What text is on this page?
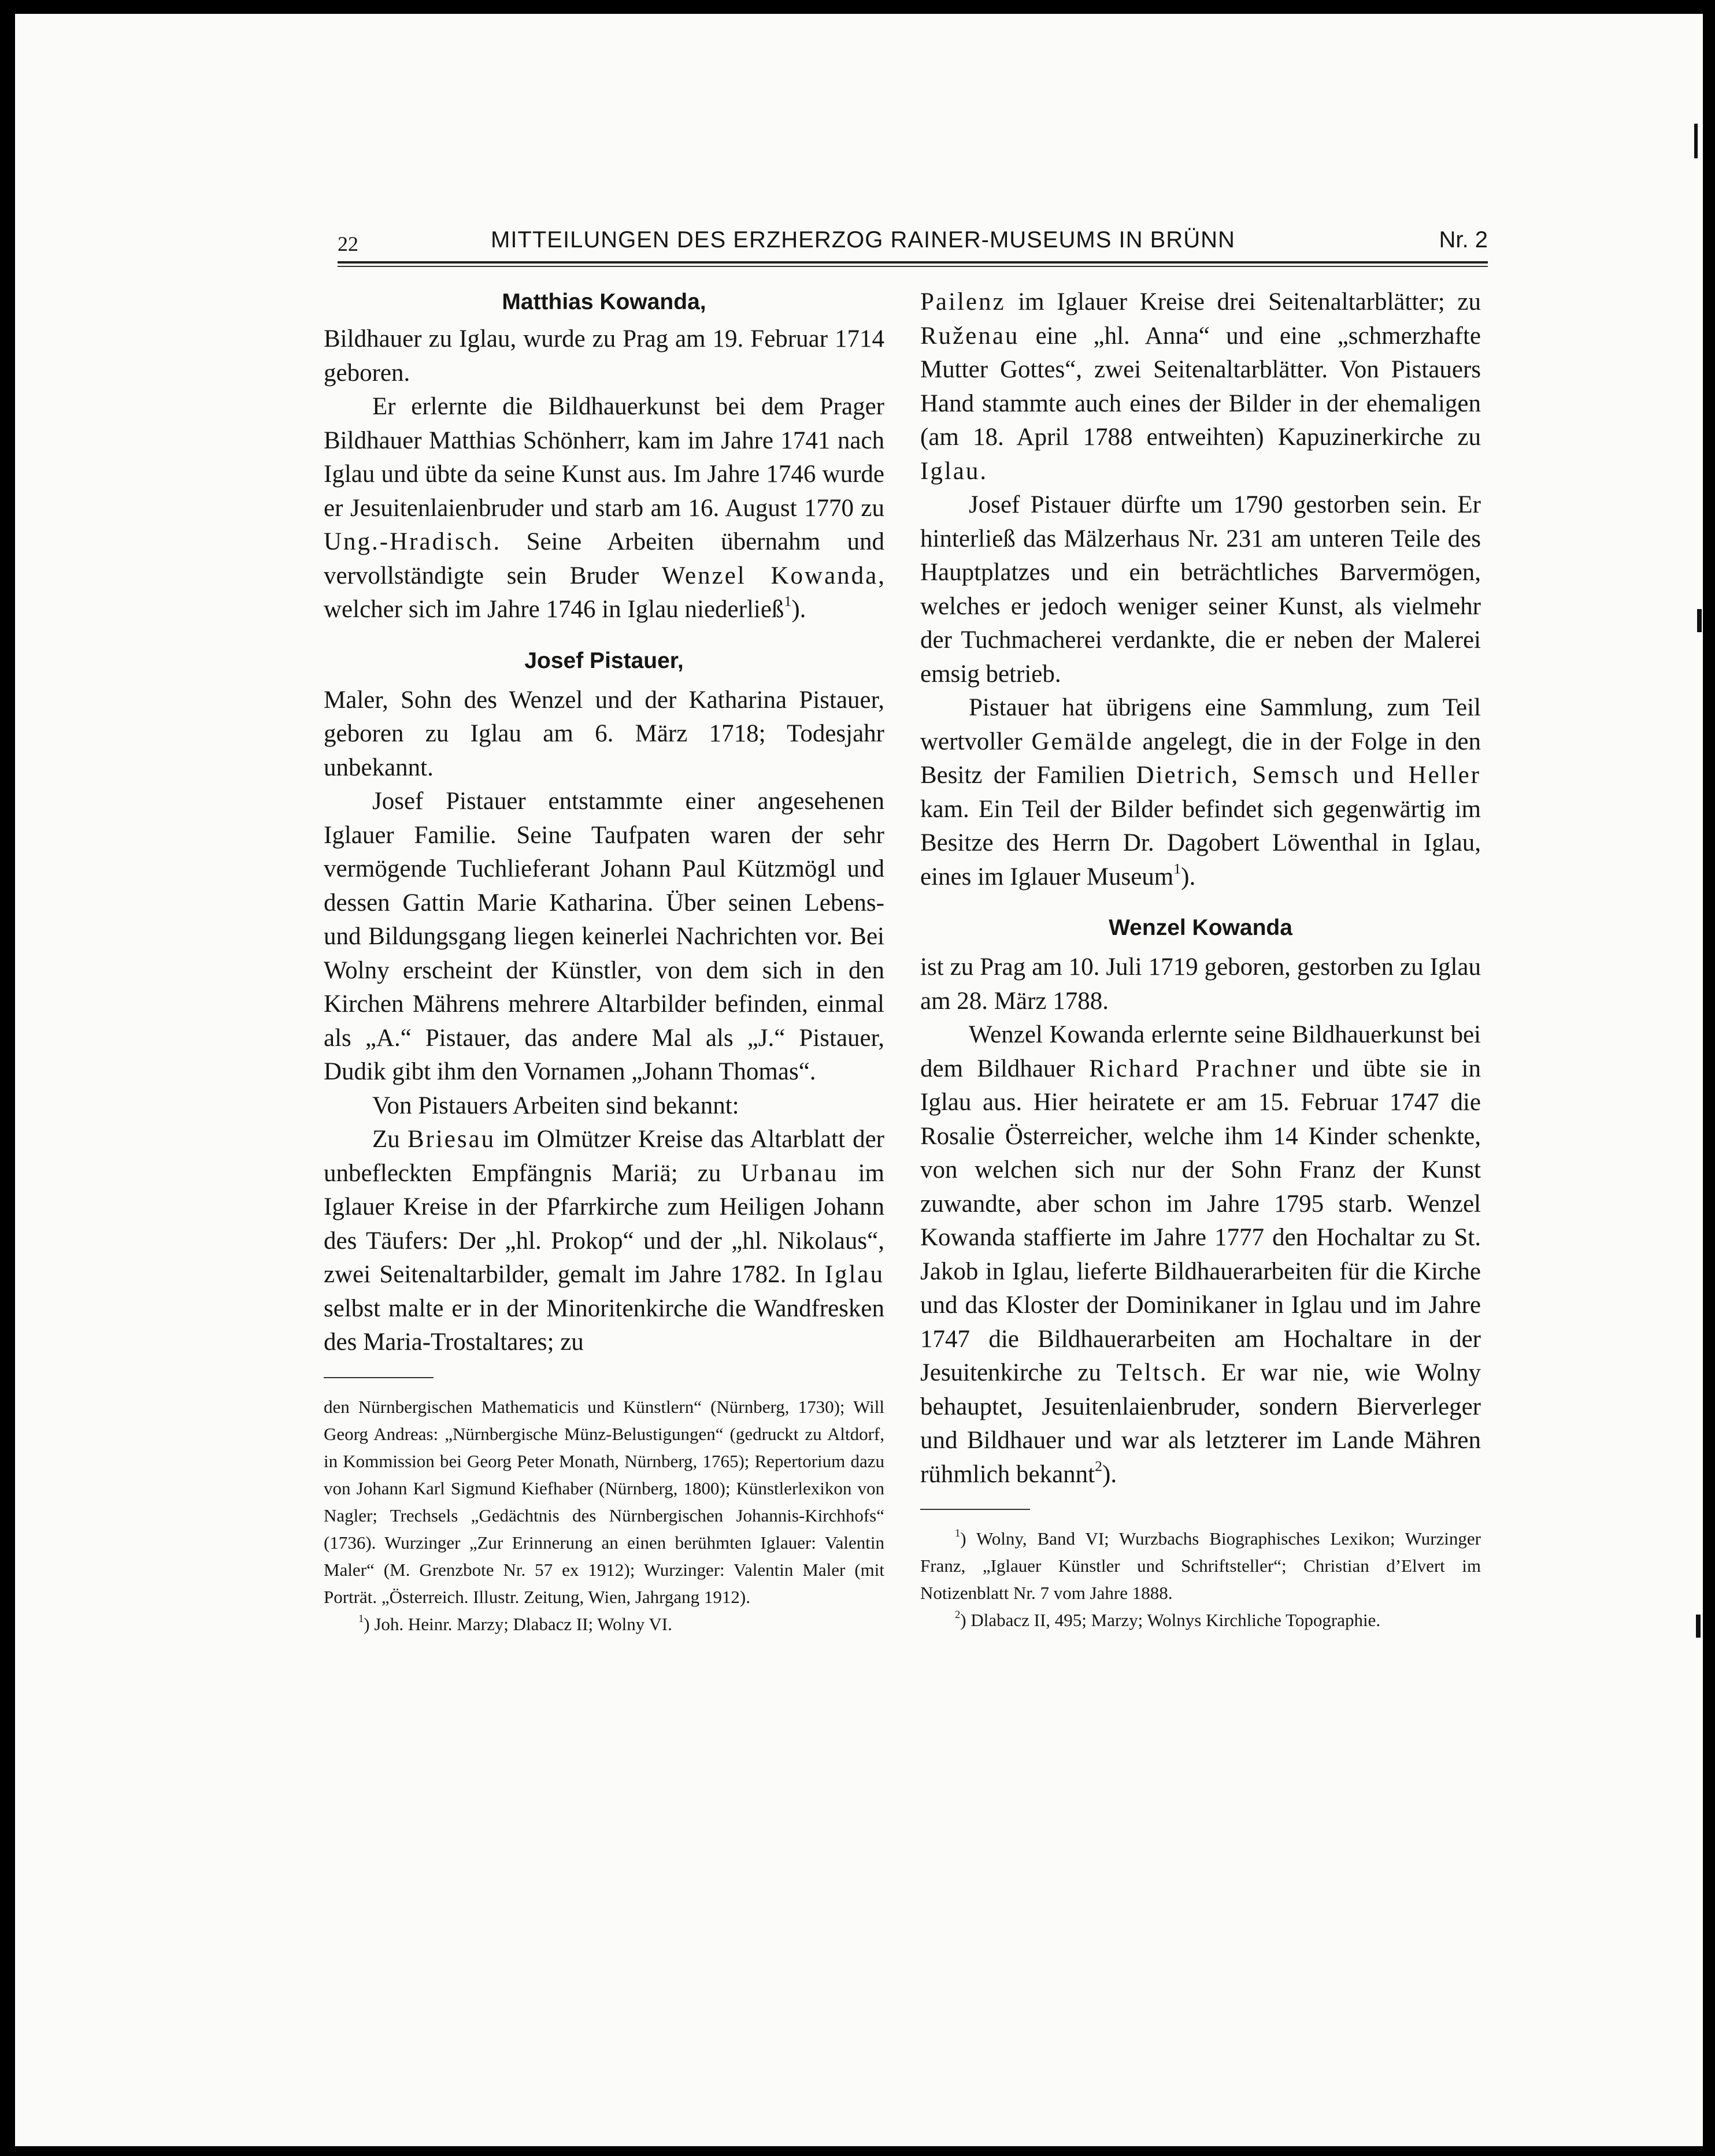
22	MITTEILUNGEN DES ERZHERZOG RAINER-MUSEUMS IN BRÜNN	Nr. 2
Matthias Kowanda,

Bildhauer zu Iglau, wurde zu Prag am 19. Februar 1714 geboren.

Er erlernte die Bildhauerkunst bei dem Prager Bildhauer Matthias Schönherr, kam im Jahre 1741 nach Iglau und übte da seine Kunst aus. Im Jahre 1746 wurde er Jesuitenlaienbruder und starb am 16. August 1770 zu Ung.-Hradisch. Seine Arbeiten übernahm und vervollständigte sein Bruder Wenzel Kowanda, welcher sich im Jahre 1746 in Iglau niederließ$^1$).

Josef Pistauer,

Maler, Sohn des Wenzel und der Katharina Pistauer, geboren zu Iglau am 6. März 1718; Todesjahr unbekannt.

Josef Pistauer entstammte einer angesehenen Iglauer Familie. Seine Taufpaten waren der sehr vermögende Tuchlieferant Johann Paul Kützmögl und dessen Gattin Marie Katharina. Über seinen Lebens- und Bildungsgang liegen keinerlei Nachrichten vor. Bei Wolny erscheint der Künstler, von dem sich in den Kirchen Mährens mehrere Altarbilder befinden, einmal als „A.“ Pistauer, das andere Mal als „J.“ Pistauer, Dudik gibt ihm den Vornamen „Johann Thomas“.

Von Pistauers Arbeiten sind bekannt:

Zu Briesau im Olmützer Kreise das Altarblatt der unbefleckten Empfängnis Mariä; zu Urbanau im Iglauer Kreise in der Pfarrkirche zum Heiligen Johann des Täufers: Der „hl. Prokop“ und der „hl. Nikolaus“, zwei Seitenaltarbilder, gemalt im Jahre 1782. In Iglau selbst malte er in der Minoritenkirche die Wandfresken des Maria-Trostaltares; zu

den Nürnbergischen Mathematicis und Künstlern“ (Nürnberg, 1730); Will Georg Andreas: „Nürnbergische Münz-Belustigungen“ (gedruckt zu Altdorf, in Kommission bei Georg Peter Monath, Nürnberg, 1765); Repertorium dazu von Johann Karl Sigmund Kiefhaber (Nürnberg, 1800); Künstlerlexikon von Nagler; Trechsels „Gedächtnis des Nürnbergischen Johannis-Kirchhofs“ (1736). Wurzinger „Zur Erinnerung an einen berühmten Iglauer: Valentin Maler“ (M. Grenzbote Nr. 57 ex 1912); Wurzinger: Valentin Maler (mit Porträt. „Österreich. Illustr. Zeitung, Wien, Jahrgang 1912).

$^1$) Joh. Heinr. Marzy; Dlabacz II; Wolny VI.

Pailenz im Iglauer Kreise drei Seitenaltarblätter; zu Ruženau eine „hl. Anna“ und eine „schmerzhafte Mutter Gottes“, zwei Seitenaltarblätter. Von Pistauers Hand stammte auch eines der Bilder in der ehemaligen (am 18. April 1788 entweihten) Kapuzinerkirche zu Iglau.

Josef Pistauer dürfte um 1790 gestorben sein. Er hinterließ das Mälzerhaus Nr. 231 am unteren Teile des Hauptplatzes und ein beträchtliches Barvermögen, welches er jedoch weniger seiner Kunst, als vielmehr der Tuchmacherei verdankte, die er neben der Malerei emsig betrieb.

Pistauer hat übrigens eine Sammlung, zum Teil wertvoller Gemälde angelegt, die in der Folge in den Besitz der Familien Dietrich, Semsch und Heller kam. Ein Teil der Bilder befindet sich gegenwärtig im Besitze des Herrn Dr. Dagobert Löwenthal in Iglau, eines im Iglauer Museum$^1$).

Wenzel Kowanda

ist zu Prag am 10. Juli 1719 geboren, gestorben zu Iglau am 28. März 1788.

Wenzel Kowanda erlernte seine Bildhauerkunst bei dem Bildhauer Richard Prachner und übte sie in Iglau aus. Hier heiratete er am 15. Februar 1747 die Rosalie Österreicher, welche ihm 14 Kinder schenkte, von welchen sich nur der Sohn Franz der Kunst zuwandte, aber schon im Jahre 1795 starb. Wenzel Kowanda staffierte im Jahre 1777 den Hochaltar zu St. Jakob in Iglau, lieferte Bildhauerarbeiten für die Kirche und das Kloster der Dominikaner in Iglau und im Jahre 1747 die Bildhauerarbeiten am Hochaltare in der Jesuitenkirche zu Teltsch. Er war nie, wie Wolny behauptet, Jesuitenlaienbruder, sondern Bierverleger und Bildhauer und war als letzterer im Lande Mähren rühmlich bekannt$^2$).

$^1$) Wolny, Band VI; Wurzbachs Biographisches Lexikon; Wurzinger Franz, „Iglauer Künstler und Schriftsteller“; Christian d’Elvert im Notizenblatt Nr. 7 vom Jahre 1888.

$^2$) Dlabacz II, 495; Marzy; Wolnys Kirchliche Topographie.
